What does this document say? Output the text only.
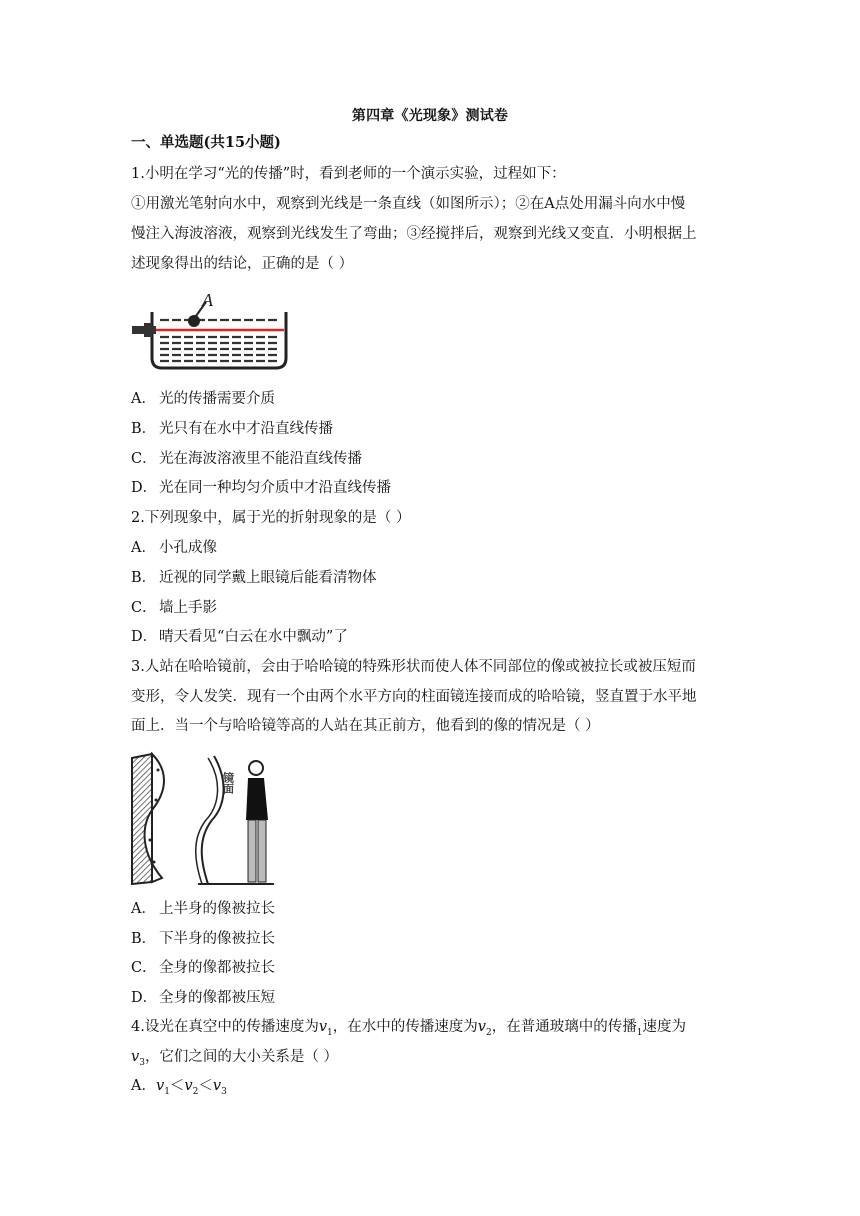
第四章《光现象》测试卷
一、单选题(共15小题)
1.小明在学习“光的传播”时，看到老师的一个演示实验，过程如下：
①用激光笔射向水中，观察到光线是一条直线（如图所示）；②在A点处用漏斗向水中慢
慢注入海波溶液，观察到光线发生了弯曲；③经搅拌后，观察到光线又变直．小明根据上
述现象得出的结论，正确的是（ ）
A
A． 光的传播需要介质
B． 光只有在水中才沿直线传播
C． 光在海波溶液里不能沿直线传播
D． 光在同一种均匀介质中才沿直线传播
2.下列现象中，属于光的折射现象的是（ ）
A． 小孔成像
B． 近视的同学戴上眼镜后能看清物体
C． 墙上手影
D． 晴天看见“白云在水中飘动”了
3.人站在哈哈镜前，会由于哈哈镜的特殊形状而使人体不同部位的像或被拉长或被压短而
变形，令人发笑．现有一个由两个水平方向的柱面镜连接而成的哈哈镜，竖直置于水平地
面上．当一个与哈哈镜等高的人站在其正前方，他看到的像的情况是（ ）
镜面
A． 上半身的像被拉长
B． 下半身的像被拉长
C． 全身的像都被拉长
D． 全身的像都被压短
4.设光在真空中的传播速度为$v_1$，在水中的传播速度为$v_2$，在普通玻璃中的传播$_1$速度为
$v_3$，它们之间的大小关系是（ ）
A．$v_1<v_2<v_3$
